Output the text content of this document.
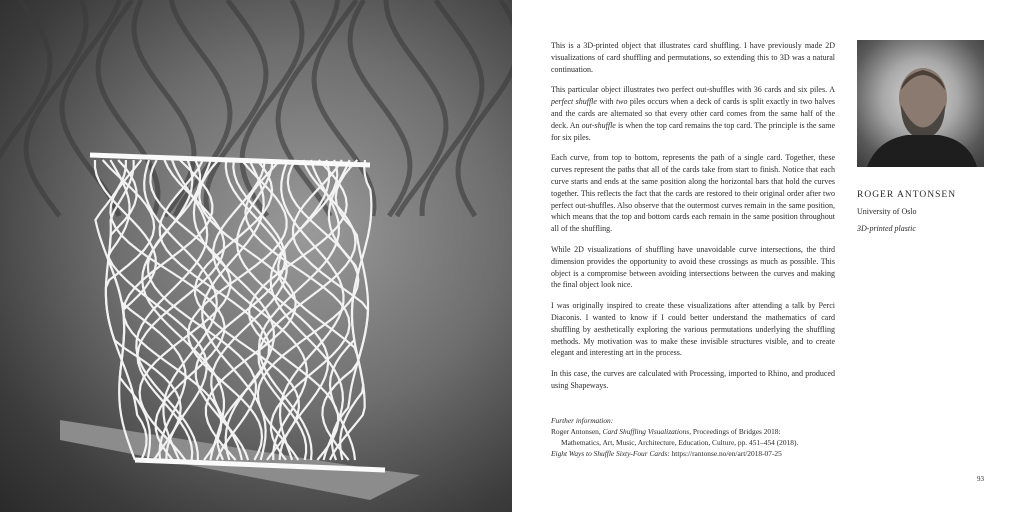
This is a 3D-printed object that illustrates card shuffling. I have previously made 2D visualizations of card shuffling and permutations, so extending this to 3D was a natural continuation.

This particular object illustrates two perfect out-shuffles with 36 cards and six piles. A perfect shuffle with two piles occurs when a deck of cards is split exactly in two halves and the cards are alternated so that every other card comes from the same half of the deck. An out-shuffle is when the top card remains the top card. The principle is the same for six piles.

Each curve, from top to bottom, represents the path of a single card. Together, these curves represent the paths that all of the cards take from start to finish. Notice that each curve starts and ends at the same position along the horizontal bars that hold the curves together. This reflects the fact that the cards are restored to their original order after two perfect out-shuffles. Also observe that the outermost curves remain in the same position, which means that the top and bottom cards each remain in the same position throughout all of the shuffling.

While 2D visualizations of shuffling have unavoidable curve intersections, the third dimension provides the opportunity to avoid these crossings as much as possible. This object is a compromise between avoiding intersections between the curves and making the final object look nice.

I was originally inspired to create these visualizations after attending a talk by Perci Diaconis. I wanted to know if I could better understand the mathematics of card shuffling by aesthetically exploring the various permutations underlying the shuffling methods. My motivation was to make these invisible structures visible, and to create elegant and interesting art in the process.

In this case, the curves are calculated with Processing, imported to Rhino, and produced using Shapeways.

Further information:
Roger Antonsen, Card Shuffling Visualizations, Proceedings of Bridges 2018:
Mathematics, Art, Music, Architecture, Education, Culture, pp. 451–454 (2018).
Eight Ways to Shuffle Sixty-Four Cards: https://rantonse.no/en/art/2018-07-25
ROGER ANTONSEN
University of Oslo
3D-printed plastic
93
